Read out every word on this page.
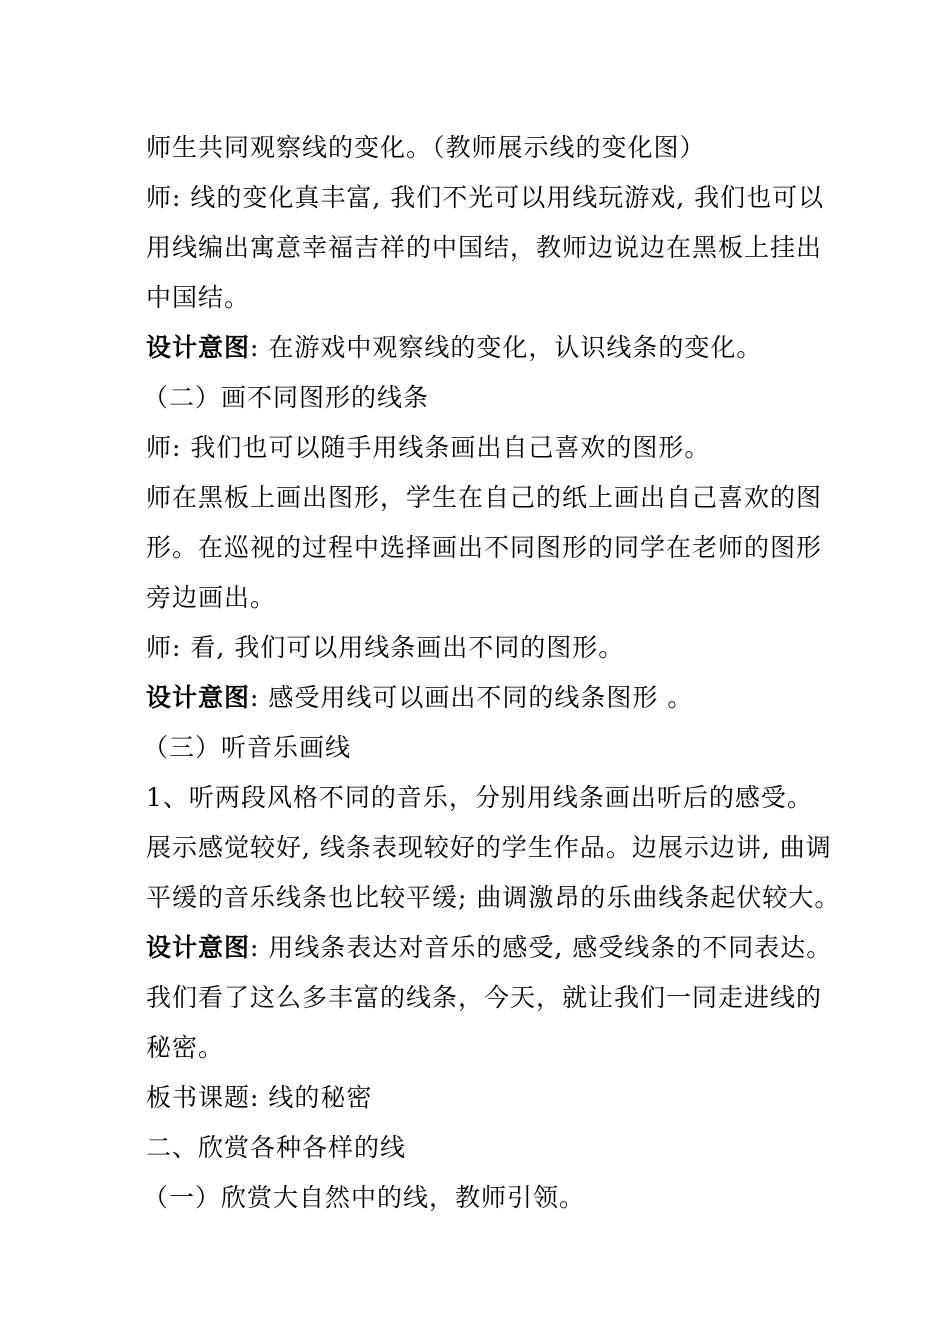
师生共同观察线的变化。（教师展示线的变化图）
师: 线的变化真丰富, 我们不光可以用线玩游戏, 我们也可以
用线编出寓意幸福吉祥的中国结，教师边说边在黑板上挂出
中国结。
设计意图: 在游戏中观察线的变化，认识线条的变化。
（二）画不同图形的线条
师: 我们也可以随手用线条画出自己喜欢的图形。
师在黑板上画出图形，学生在自己的纸上画出自己喜欢的图
形。在巡视的过程中选择画出不同图形的同学在老师的图形
旁边画出。
师: 看, 我们可以用线条画出不同的图形。
设计意图: 感受用线可以画出不同的线条图形 。
（三）听音乐画线
1、听两段风格不同的音乐，分别用线条画出听后的感受。
展示感觉较好, 线条表现较好的学生作品。边展示边讲, 曲调
平缓的音乐线条也比较平缓; 曲调激昂的乐曲线条起伏较大。
设计意图: 用线条表达对音乐的感受, 感受线条的不同表达。
我们看了这么多丰富的线条，今天，就让我们一同走进线的
秘密。
板书课题: 线的秘密
二、欣赏各种各样的线
（一）欣赏大自然中的线，教师引领。
